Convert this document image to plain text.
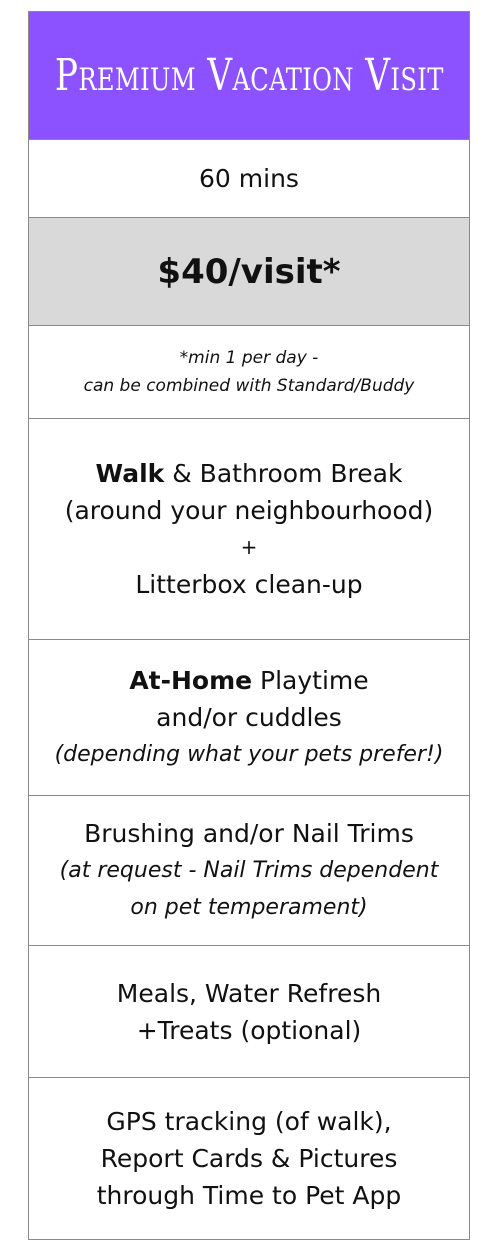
Premium Vacation Visit
60 mins
$40/visit*
*min 1 per day -
can be combined with Standard/Buddy
Walk & Bathroom Break
(around your neighbourhood)
+
Litterbox clean-up
At-Home Playtime
and/or cuddles
(depending what your pets prefer!)
Brushing and/or Nail Trims
(at request - Nail Trims dependent
on pet temperament)
Meals, Water Refresh
+Treats (optional)
GPS tracking (of walk),
Report Cards & Pictures
through Time to Pet App
